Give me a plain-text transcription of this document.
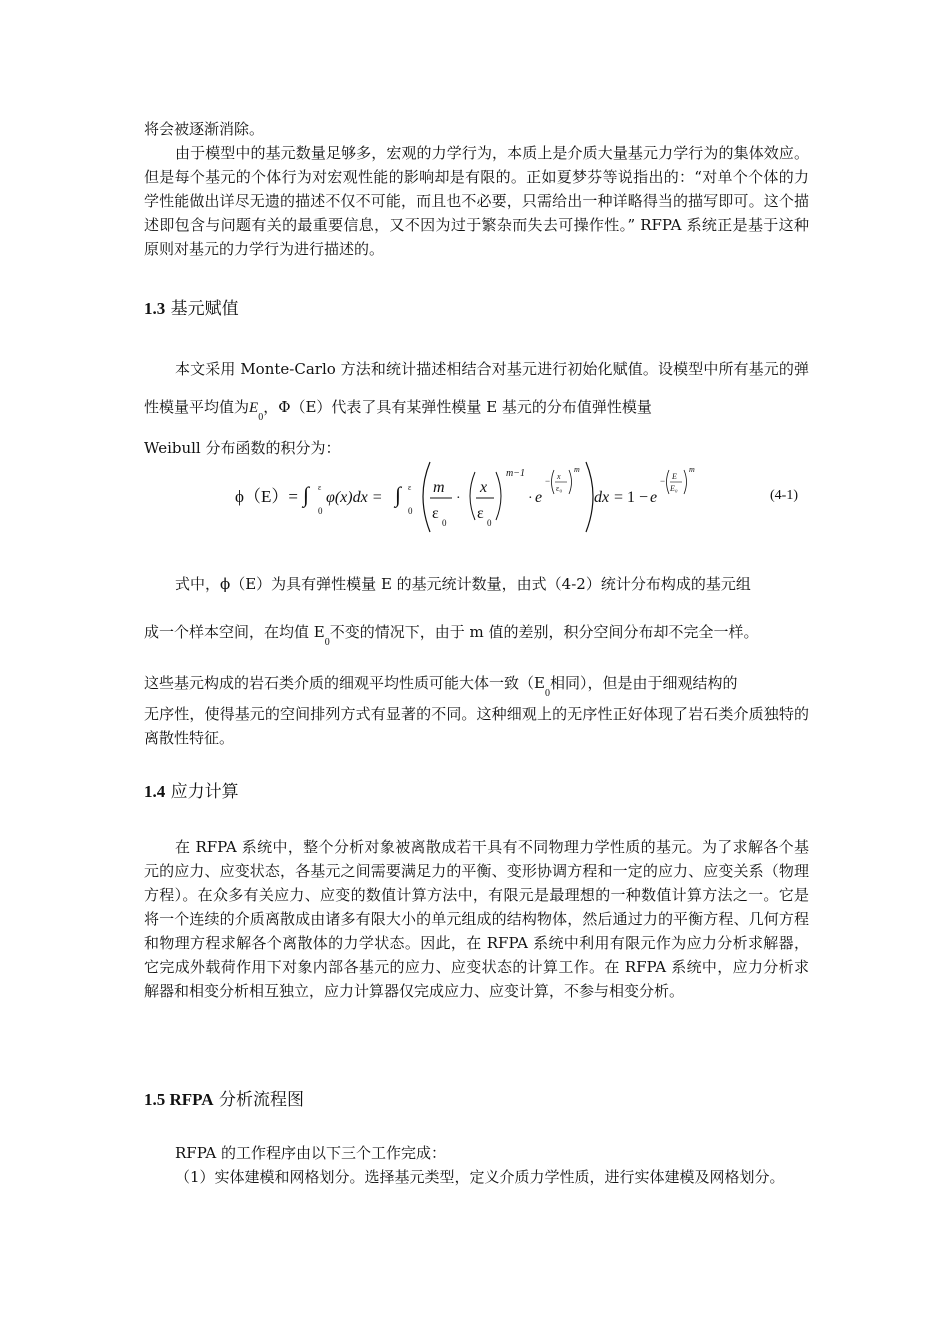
将会被逐渐消除。

由于模型中的基元数量足够多，宏观的力学行为，本质上是介质大量基元力学行为的集体效应。但是每个基元的个体行为对宏观性能的影响却是有限的。正如夏梦芬等说指出的：“对单个个体的力学性能做出详尽无遗的描述不仅不可能，而且也不必要，只需给出一种详略得当的描写即可。这个描述即包含与问题有关的最重要信息，又不因为过于繁杂而失去可操作性。” RFPA 系统正是基于这种原则对基元的力学行为进行描述的。

1.3 基元赋值

本文采用 Monte-Carlo 方法和统计描述相结合对基元进行初始化赋值。设模型中所有基元的弹性模量平均值为$E_0$，Φ（E）代表了具有某弹性模量 E 基元的分布值弹性模量
Weibull 分布函数的积分为：

ϕ（E）= ∫ ε
0
φ(x)dx = ∫ ε
0
m
ε
0
·
x
ε
0
m−1
· e
− x
ε₀
m
dx = 1 − e
− E
E₀
m
(4-1)

式中，ϕ（E）为具有弹性模量 E 的基元统计数量，由式（4-2）统计分布构成的基元组
成一个样本空间，在均值 $E_0$不变的情况下，由于 m 值的差别，积分空间分布却不完全一样。
这些基元构成的岩石类介质的细观平均性质可能大体一致（$E_0$相同），但是由于细观结构的

无序性，使得基元的空间排列方式有显著的不同。这种细观上的无序性正好体现了岩石类介质独特的离散性特征。

1.4 应力计算

在 RFPA 系统中，整个分析对象被离散成若干具有不同物理力学性质的基元。为了求解各个基元的应力、应变状态，各基元之间需要满足力的平衡、变形协调方程和一定的应力、应变关系（物理方程）。在众多有关应力、应变的数值计算方法中，有限元是最理想的一种数值计算方法之一。它是将一个连续的介质离散成由诸多有限大小的单元组成的结构物体，然后通过力的平衡方程、几何方程和物理方程求解各个离散体的力学状态。因此，在 RFPA 系统中利用有限元作为应力分析求解器，它完成外载荷作用下对象内部各基元的应力、应变状态的计算工作。在 RFPA 系统中，应力分析求解器和相变分析相互独立，应力计算器仅完成应力、应变计算，不参与相变分析。

1.5 RFPA 分析流程图

RFPA 的工作程序由以下三个工作完成：

（1）实体建模和网格划分。选择基元类型，定义介质力学性质，进行实体建模及网格划分。
